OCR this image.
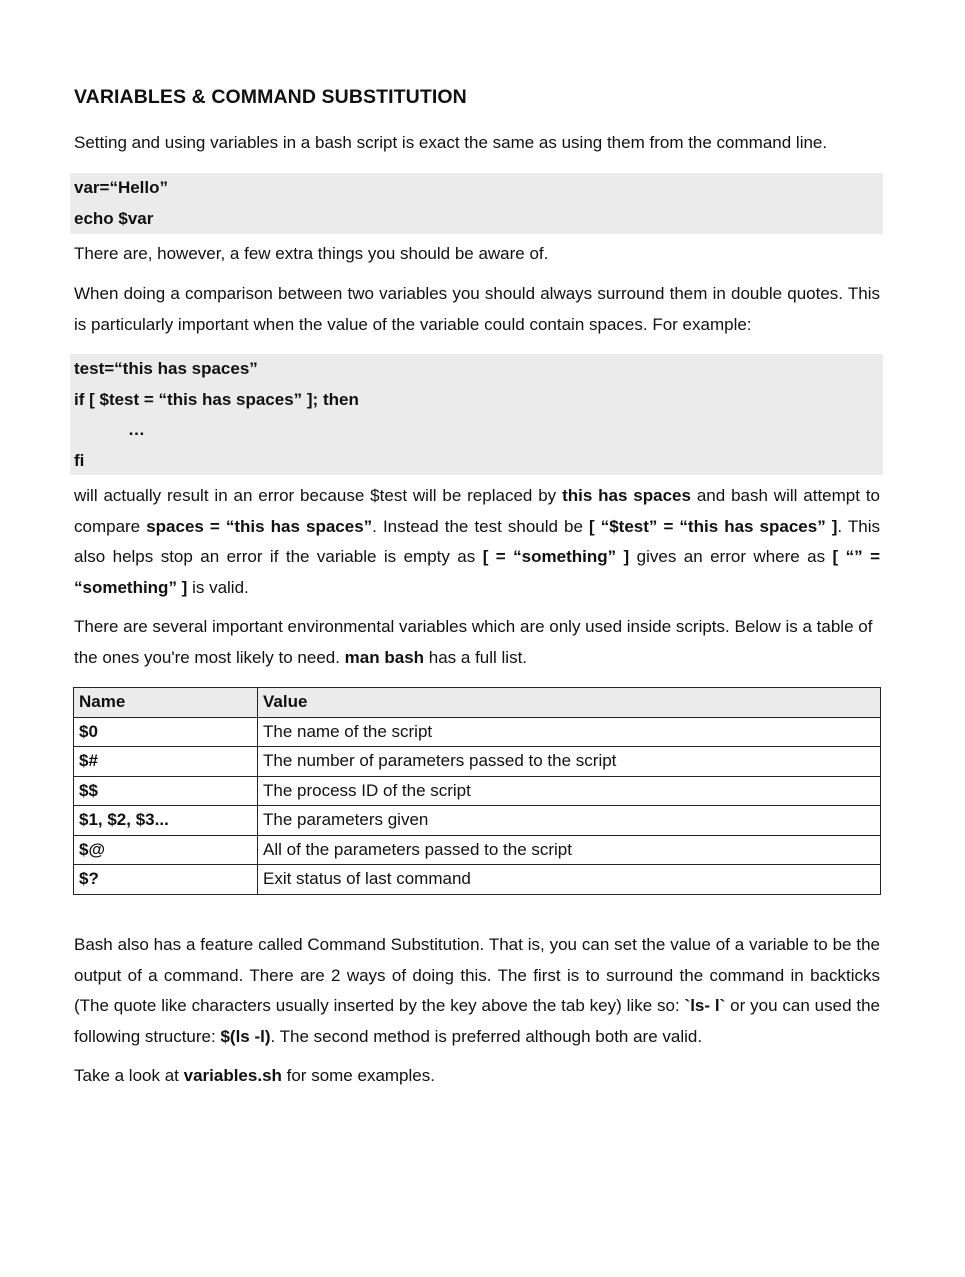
VARIABLES & COMMAND SUBSTITUTION
Setting and using variables in a bash script is exact the same as using them from the command line.
var=“Hello”
echo $var
There are, however, a few extra things you should be aware of.
When doing a comparison between two variables you should always surround them in double quotes. This is particularly important when the value of the variable could contain spaces. For example:
test=“this has spaces”
if [ $test = “this has spaces” ]; then
…
fi
will actually result in an error because $test will be replaced by this has spaces and bash will attempt to compare spaces = “this has spaces”. Instead the test should be [ “$test” = “this has spaces” ]. This also helps stop an error if the variable is empty as [ = “something” ] gives an error where as [ “” = “something” ] is valid.
There are several important environmental variables which are only used inside scripts. Below is a table of the ones you're most likely to need. man bash has a full list.
Name	Value
$0	The name of the script
$#	The number of parameters passed to the script
$$	The process ID of the script
$1, $2, $3...	The parameters given
$@	All of the parameters passed to the script
$?	Exit status of last command
Bash also has a feature called Command Substitution. That is, you can set the value of a variable to be the output of a command. There are 2 ways of doing this. The first is to surround the command in backticks (The quote like characters usually inserted by the key above the tab key) like so: `ls- l` or you can used the following structure: $(ls -l). The second method is preferred although both are valid.
Take a look at variables.sh for some examples.
